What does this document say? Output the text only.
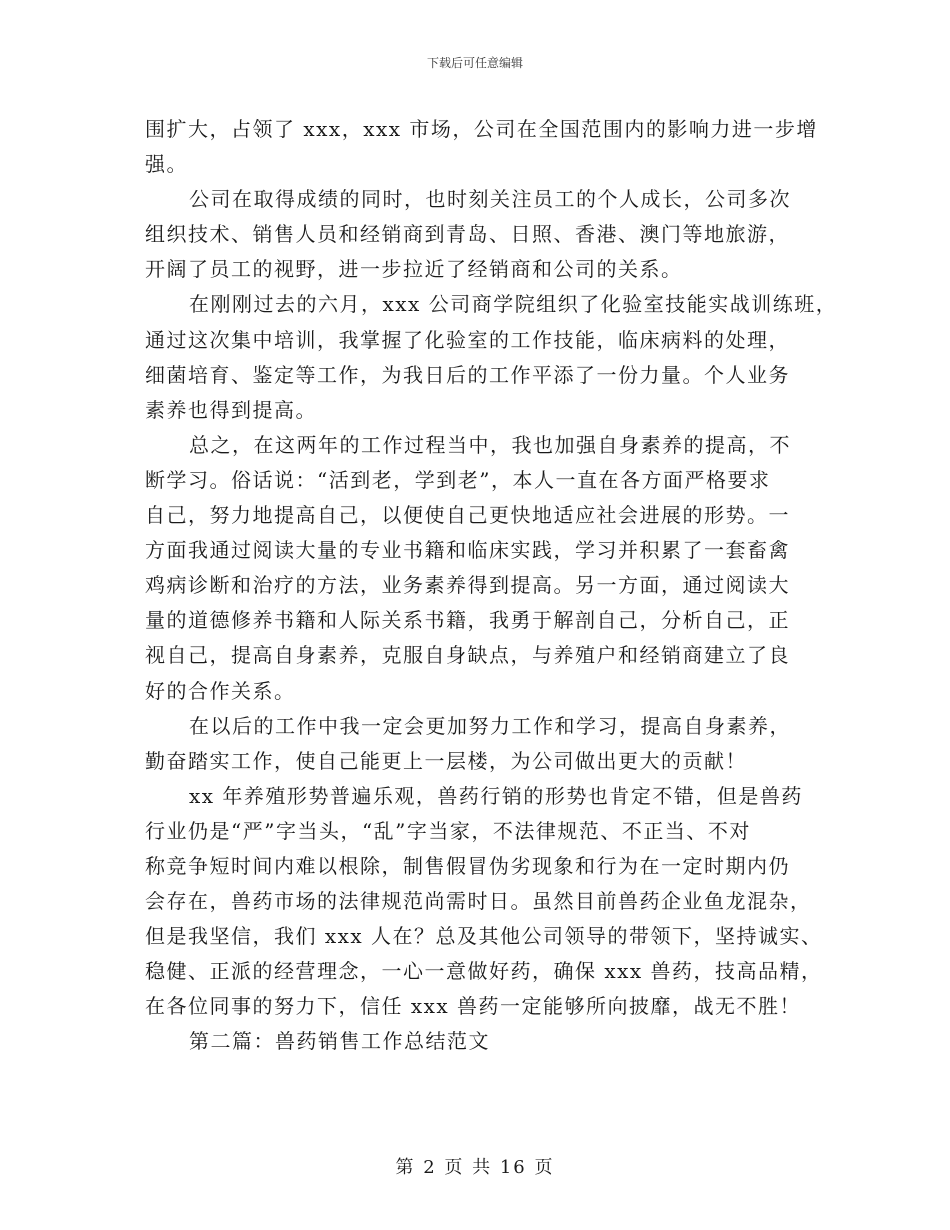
下载后可任意编辑
围扩大，占领了 xxx，xxx 市场，公司在全国范围内的影响力进一步增
强。
公司在取得成绩的同时，也时刻关注员工的个人成长，公司多次
组织技术、销售人员和经销商到青岛、日照、香港、澳门等地旅游，
开阔了员工的视野，进一步拉近了经销商和公司的关系。
在刚刚过去的六月，xxx 公司商学院组织了化验室技能实战训练班，
通过这次集中培训，我掌握了化验室的工作技能，临床病料的处理，
细菌培育、鉴定等工作，为我日后的工作平添了一份力量。个人业务
素养也得到提高。
总之，在这两年的工作过程当中，我也加强自身素养的提高，不
断学习。俗话说：“活到老，学到老”，本人一直在各方面严格要求
自己，努力地提高自己，以便使自己更快地适应社会进展的形势。一
方面我通过阅读大量的专业书籍和临床实践，学习并积累了一套畜禽
鸡病诊断和治疗的方法，业务素养得到提高。另一方面，通过阅读大
量的道德修养书籍和人际关系书籍，我勇于解剖自己，分析自己，正
视自己，提高自身素养，克服自身缺点，与养殖户和经销商建立了良
好的合作关系。
在以后的工作中我一定会更加努力工作和学习，提高自身素养，
勤奋踏实工作，使自己能更上一层楼，为公司做出更大的贡献！
xx 年养殖形势普遍乐观，兽药行销的形势也肯定不错，但是兽药
行业仍是“严”字当头，“乱”字当家，不法律规范、不正当、不对
称竞争短时间内难以根除，制售假冒伪劣现象和行为在一定时期内仍
会存在，兽药市场的法律规范尚需时日。虽然目前兽药企业鱼龙混杂，
但是我坚信，我们 xxx 人在？总及其他公司领导的带领下，坚持诚实、
稳健、正派的经营理念，一心一意做好药，确保 xxx 兽药，技高品精，
在各位同事的努力下，信任 xxx 兽药一定能够所向披靡，战无不胜！
第二篇：兽药销售工作总结范文
第 2 页 共 16 页
